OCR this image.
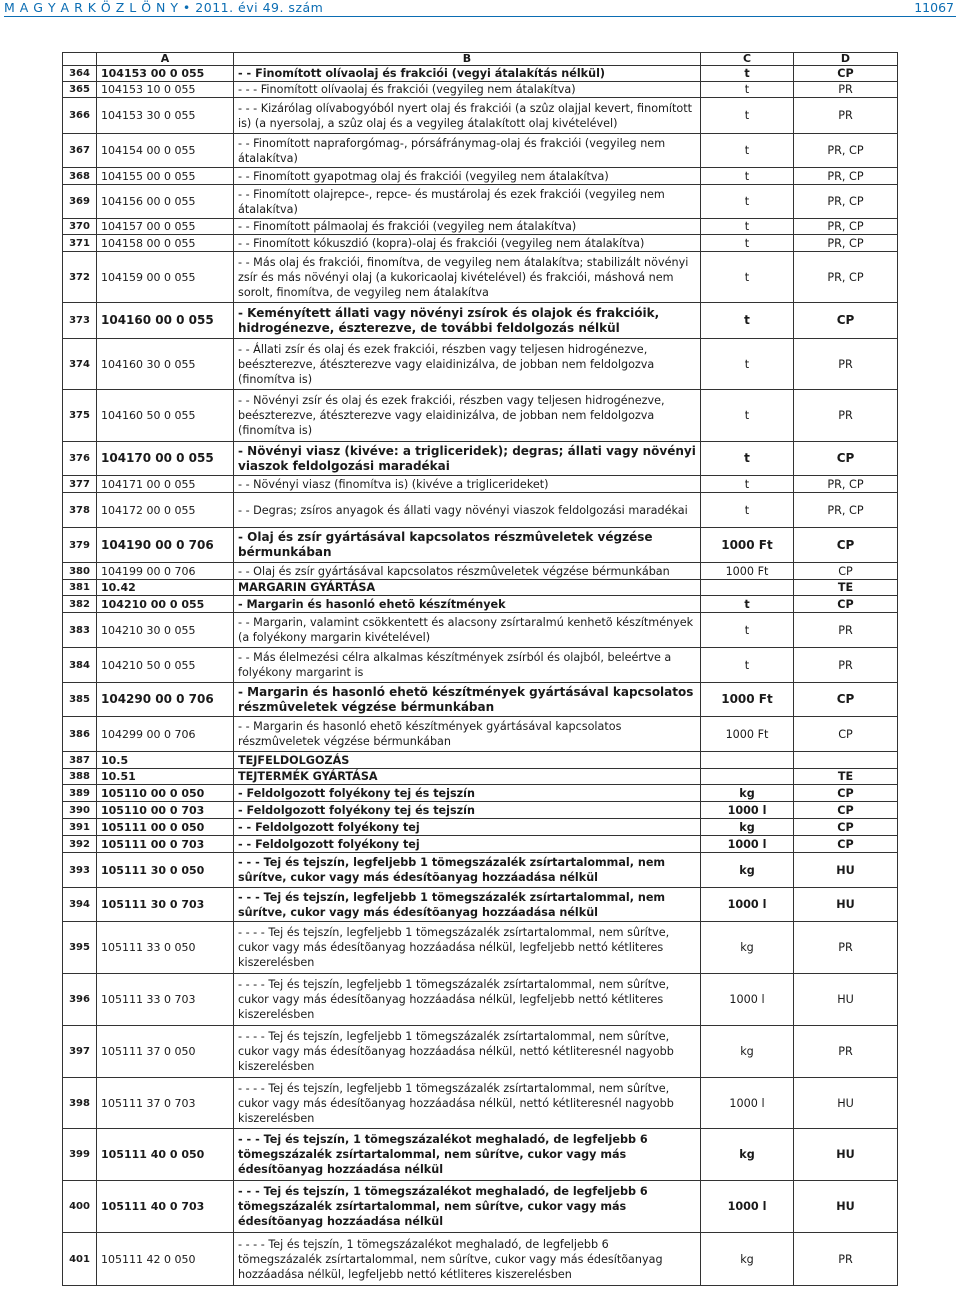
M A G Y A R K Ö Z L Ö N Y • 2011. évi 49. szám	11067
	A	B	C	D
364	104153 00 0 055	- - Finomított olívaolaj és frakciói (vegyi átalakítás nélkül)	t	CP
365	104153 10 0 055	- - - Finomított olívaolaj és frakciói (vegyileg nem átalakítva)	t	PR
366	104153 30 0 055	- - - Kizárólag olívabogyóból nyert olaj és frakciói (a szûz olajjal kevert, finomított is) (a nyersolaj, a szûz olaj és a vegyileg átalakított olaj kivételével)	t	PR
367	104154 00 0 055	- - Finomított napraforgómag-, pórsáfránymag-olaj és frakciói (vegyileg nem átalakítva)	t	PR, CP
368	104155 00 0 055	- - Finomított gyapotmag olaj és frakciói (vegyileg nem átalakítva)	t	PR, CP
369	104156 00 0 055	- - Finomított olajrepce-, repce- és mustárolaj és ezek frakciói (vegyileg nem átalakítva)	t	PR, CP
370	104157 00 0 055	- - Finomított pálmaolaj és frakciói (vegyileg nem átalakítva)	t	PR, CP
371	104158 00 0 055	- - Finomított kókuszdió (kopra)-olaj és frakciói (vegyileg nem átalakítva)	t	PR, CP
372	104159 00 0 055	- - Más olaj és frakciói, finomítva, de vegyileg nem átalakítva; stabilizált növényi zsír és más növényi olaj (a kukoricaolaj kivételével) és frakciói, máshová nem sorolt, finomítva, de vegyileg nem átalakítva	t	PR, CP
373	104160 00 0 055	- Keményített állati vagy növényi zsírok és olajok és frakcióik, hidrogénezve, észterezve, de további feldolgozás nélkül	t	CP
374	104160 30 0 055	- - Állati zsír és olaj és ezek frakciói, részben vagy teljesen hidrogénezve, beészterezve, átészterezve vagy elaidinizálva, de jobban nem feldolgozva (finomítva is)	t	PR
375	104160 50 0 055	- - Növényi zsír és olaj és ezek frakciói, részben vagy teljesen hidrogénezve, beészterezve, átészterezve vagy elaidinizálva, de jobban nem feldolgozva (finomítva is)	t	PR
376	104170 00 0 055	- Növényi viasz (kivéve: a trigliceridek); degras; állati vagy növényi viaszok feldolgozási maradékai	t	CP
377	104171 00 0 055	- - Növényi viasz (finomítva is) (kivéve a triglicerideket)	t	PR, CP
378	104172 00 0 055	- - Degras; zsíros anyagok és állati vagy növényi viaszok feldolgozási maradékai	t	PR, CP
379	104190 00 0 706	- Olaj és zsír gyártásával kapcsolatos részmûveletek végzése bérmunkában	1000 Ft	CP
380	104199 00 0 706	- - Olaj és zsír gyártásával kapcsolatos részmûveletek végzése bérmunkában	1000 Ft	CP
381	10.42	MARGARIN GYÁRTÁSA		TE
382	104210 00 0 055	- Margarin és hasonló ehetõ készítmények	t	CP
383	104210 30 0 055	- - Margarin, valamint csökkentett és alacsony zsírtaralmú kenhetõ készítmények (a folyékony margarin kivételével)	t	PR
384	104210 50 0 055	- - Más élelmezési célra alkalmas készítmények zsírból és olajból, beleértve a folyékony margarint is	t	PR
385	104290 00 0 706	- Margarin és hasonló ehetõ készítmények gyártásával kapcsolatos részmûveletek végzése bérmunkában	1000 Ft	CP
386	104299 00 0 706	- - Margarin és hasonló ehetõ készítmények gyártásával kapcsolatos részmûveletek végzése bérmunkában	1000 Ft	CP
387	10.5	TEJFELDOLGOZÁS		
388	10.51	TEJTERMÉK GYÁRTÁSA		TE
389	105110 00 0 050	- Feldolgozott folyékony tej és tejszín	kg	CP
390	105110 00 0 703	- Feldolgozott folyékony tej és tejszín	1000 l	CP
391	105111 00 0 050	- - Feldolgozott folyékony tej	kg	CP
392	105111 00 0 703	- - Feldolgozott folyékony tej	1000 l	CP
393	105111 30 0 050	- - - Tej és tejszín, legfeljebb 1 tömegszázalék zsírtartalommal, nem sûrítve, cukor vagy más édesítõanyag hozzáadása nélkül	kg	HU
394	105111 30 0 703	- - - Tej és tejszín, legfeljebb 1 tömegszázalék zsírtartalommal, nem sûrítve, cukor vagy más édesítõanyag hozzáadása nélkül	1000 l	HU
395	105111 33 0 050	- - - - Tej és tejszín, legfeljebb 1 tömegszázalék zsírtartalommal, nem sûrítve, cukor vagy más édesítõanyag hozzáadása nélkül, legfeljebb nettó kétliteres kiszerelésben	kg	PR
396	105111 33 0 703	- - - - Tej és tejszín, legfeljebb 1 tömegszázalék zsírtartalommal, nem sûrítve, cukor vagy más édesítõanyag hozzáadása nélkül, legfeljebb nettó kétliteres kiszerelésben	1000 l	HU
397	105111 37 0 050	- - - - Tej és tejszín, legfeljebb 1 tömegszázalék zsírtartalommal, nem sûrítve, cukor vagy más édesítõanyag hozzáadása nélkül, nettó kétliteresnél nagyobb kiszerelésben	kg	PR
398	105111 37 0 703	- - - - Tej és tejszín, legfeljebb 1 tömegszázalék zsírtartalommal, nem sûrítve, cukor vagy más édesítõanyag hozzáadása nélkül, nettó kétliteresnél nagyobb kiszerelésben	1000 l	HU
399	105111 40 0 050	- - - Tej és tejszín, 1 tömegszázalékot meghaladó, de legfeljebb 6 tömegszázalék zsírtartalommal, nem sûrítve, cukor vagy más édesítõanyag hozzáadása nélkül	kg	HU
400	105111 40 0 703	- - - Tej és tejszín, 1 tömegszázalékot meghaladó, de legfeljebb 6 tömegszázalék zsírtartalommal, nem sûrítve, cukor vagy más édesítõanyag hozzáadása nélkül	1000 l	HU
401	105111 42 0 050	- - - - Tej és tejszín, 1 tömegszázalékot meghaladó, de legfeljebb 6 tömegszázalék zsírtartalommal, nem sûrítve, cukor vagy más édesítõanyag hozzáadása nélkül, legfeljebb nettó kétliteres kiszerelésben	kg	PR
